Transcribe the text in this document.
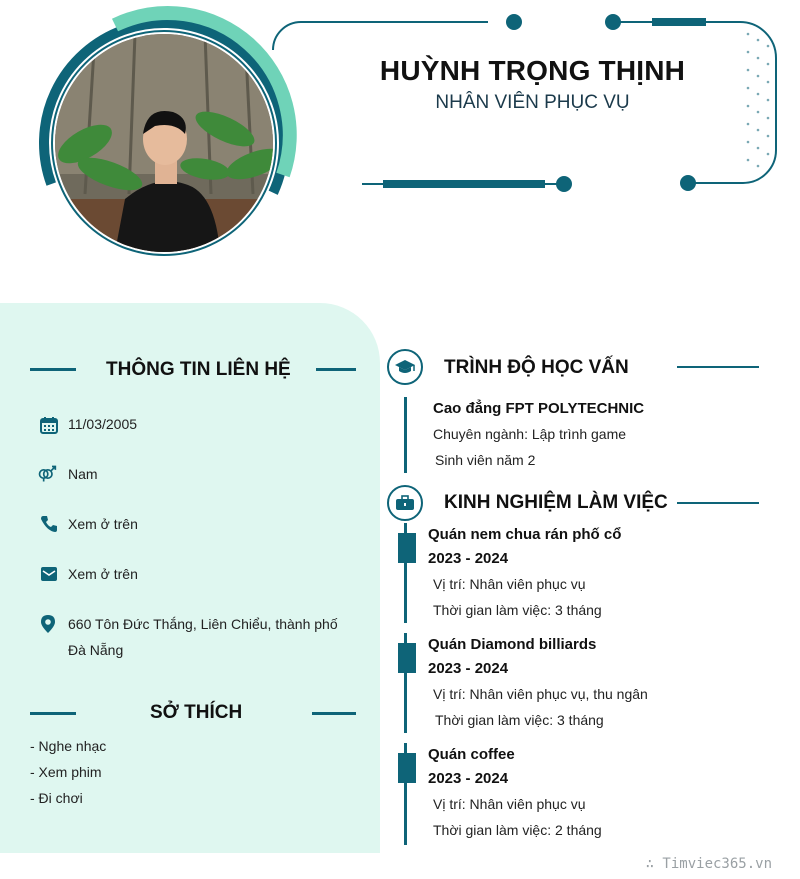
HUỲNH TRỌNG THỊNH
NHÂN VIÊN PHỤC VỤ
THÔNG TIN LIÊN HỆ
11/03/2005
Nam
Xem ở trên
Xem ở trên
660 Tôn Đức Thắng, Liên Chiểu, thành phố Đà Nẵng
SỞ THÍCH
- Nghe nhạc
- Xem phim
- Đi chơi
TRÌNH ĐỘ HỌC VẤN
Cao đẳng FPT POLYTECHNIC
Chuyên ngành: Lập trình game
Sinh viên năm 2
KINH NGHIỆM LÀM VIỆC
Quán nem chua rán phố cổ
2023 - 2024
Vị trí: Nhân viên phục vụ
Thời gian làm việc: 3 tháng
Quán Diamond billiards
2023 - 2024
Vị trí: Nhân viên phục vụ, thu ngân
Thời gian làm việc: 3 tháng
Quán coffee
2023 - 2024
Vị trí: Nhân viên phục vụ
Thời gian làm việc: 2 tháng
∴ Timviec365.vn
